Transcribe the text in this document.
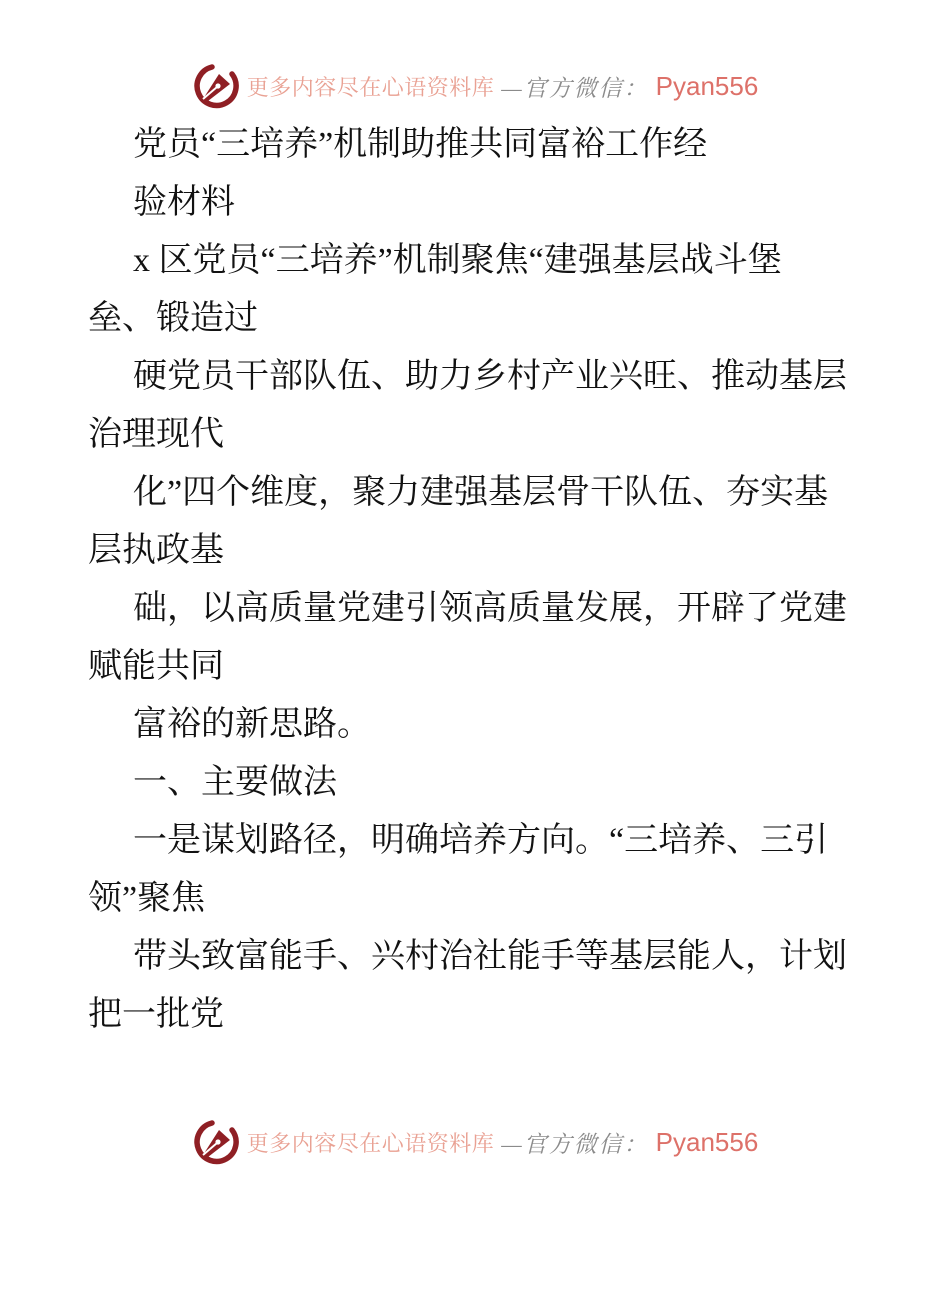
更多内容尽在心语资料库 —官方微信： Pyan556
党员“三培养”机制助推共同富裕工作经
验材料
x 区党员“三培养”机制聚焦“建强基层战斗堡
垒、锻造过
硬党员干部队伍、助力乡村产业兴旺、推动基层
治理现代
化”四个维度，聚力建强基层骨干队伍、夯实基
层执政基
础，以高质量党建引领高质量发展，开辟了党建
赋能共同
富裕的新思路。
一、主要做法
一是谋划路径，明确培养方向。“三培养、三引
领”聚焦
带头致富能手、兴村治社能手等基层能人，计划
把一批党
更多内容尽在心语资料库 —官方微信： Pyan556
